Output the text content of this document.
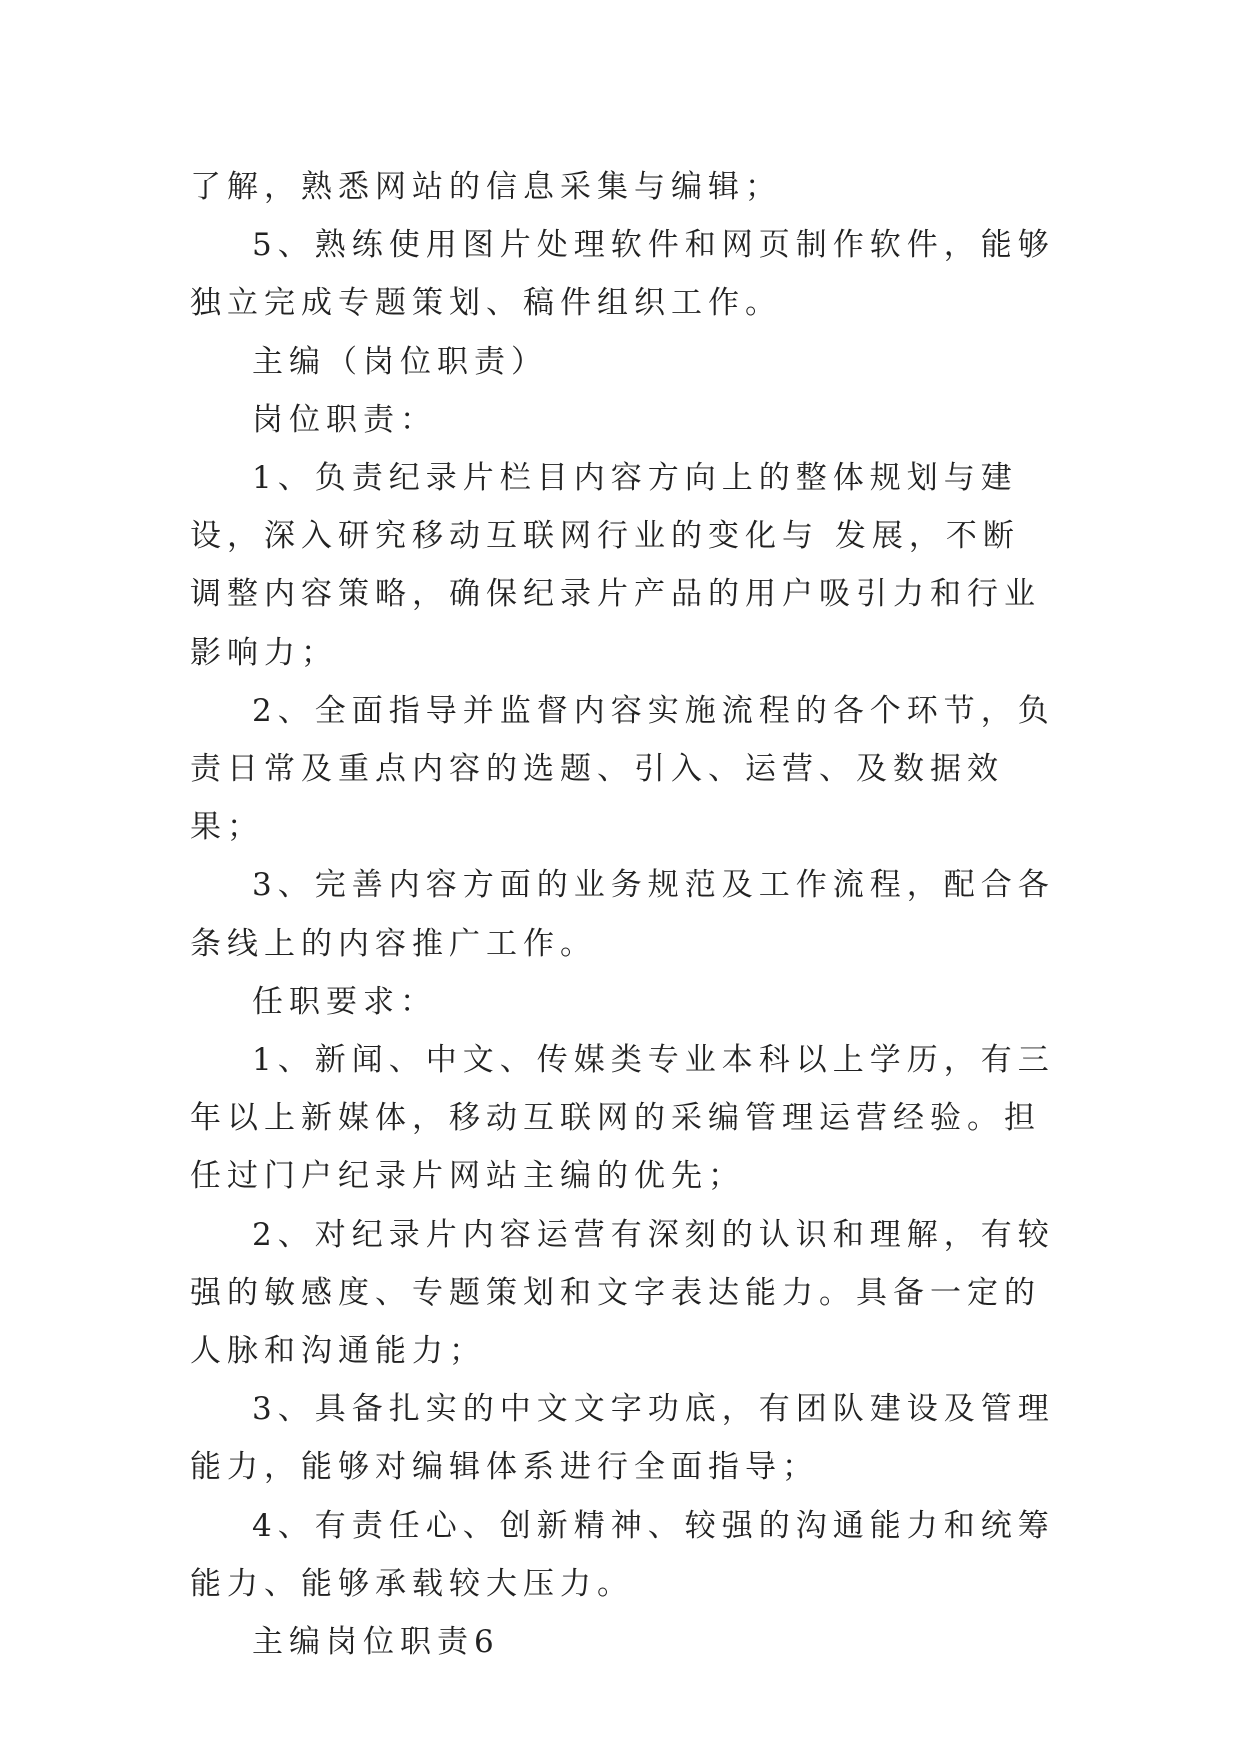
了解，熟悉网站的信息采集与编辑；

5、熟练使用图片处理软件和网页制作软件，能够独立完成专题策划、稿件组织工作。

主编（岗位职责）

岗位职责：

1、负责纪录片栏目内容方向上的整体规划与建设，深入研究移动互联网行业的变化与 发展，不断调整内容策略，确保纪录片产品的用户吸引力和行业影响力；

2、全面指导并监督内容实施流程的各个环节，负责日常及重点内容的选题、引入、运营、及数据效果；

3、完善内容方面的业务规范及工作流程，配合各条线上的内容推广工作。

任职要求：

1、新闻、中文、传媒类专业本科以上学历，有三年以上新媒体，移动互联网的采编管理运营经验。担任过门户纪录片网站主编的优先；

2、对纪录片内容运营有深刻的认识和理解，有较强的敏感度、专题策划和文字表达能力。具备一定的人脉和沟通能力；

3、具备扎实的中文文字功底，有团队建设及管理能力，能够对编辑体系进行全面指导；

4、有责任心、创新精神、较强的沟通能力和统筹能力、能够承载较大压力。

主编岗位职责6
